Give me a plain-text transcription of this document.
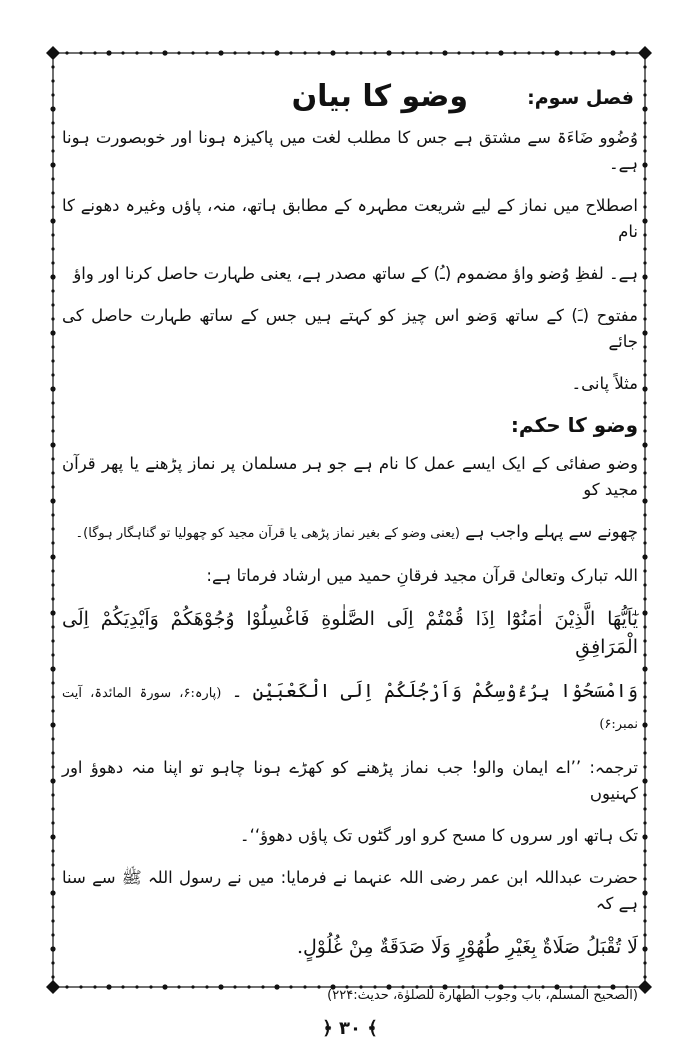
فصل سوم:
وضو کا بیان

وُضُوو ضَاءَۃ سے مشتق ہے جس کا مطلب لغت میں پاکیزہ ہونا اور خوبصورت ہونا ہے۔

اصطلاح میں نماز کے لیے شریعت مطہرہ کے مطابق ہاتھ، منہ، پاؤں وغیرہ دھونے کا نام

ہے۔ لفظِ وُضو واؤ مضموم (ـُ) کے ساتھ مصدر ہے، یعنی طہارت حاصل کرنا اور واؤ

مفتوح (ـَ) کے ساتھ وَضو اس چیز کو کہتے ہیں جس کے ساتھ طہارت حاصل کی جائے

مثلاً پانی۔

وضو کا حکم:

وضو صفائی کے ایک ایسے عمل کا نام ہے جو ہر مسلمان پر نماز پڑھنے یا پھر قرآن مجید کو

چھونے سے پہلے واجب ہے (یعنی وضو کے بغیر نماز پڑھی یا قرآن مجید کو چھولیا تو گناہگار ہوگا)۔

اللہ تبارک وتعالیٰ قرآن مجید فرقانِ حمید میں ارشاد فرماتا ہے:

يٰٓاَيُّهَا الَّذِيْنَ اٰمَنُوْٓا اِذَا قُمْتُمْ اِلَى الصَّلٰوةِ فَاغْسِلُوْا وُجُوْهَكُمْ وَاَيْدِيَكُمْ اِلَى الْمَرَافِقِ

وَامْسَحُوْا بِرُءُوْسِكُمْ وَاَرْجُلَكُمْ اِلَى الْكَعْبَيْنِ ۔ (پارہ:۶، سورۃ المائدۃ، آیت نمبر:۶)

ترجمہ: ’’اے ایمان والو! جب نماز پڑھنے کو کھڑے ہونا چاہو تو اپنا منہ دھوؤ اور کہنیوں

تک ہاتھ اور سروں کا مسح کرو اور گٹوں تک پاؤں دھوؤ‘‘۔

حضرت عبداللہ ابن عمر رضی اللہ عنہما نے فرمایا: میں نے رسول اللہ ﷺ سے سنا ہے کہ

لَا تُقْبَلُ صَلَاةٌ بِغَيْرِ طُهُوْرٍ وَلَا صَدَقَةٌ مِنْ غُلُوْلٍ.

(الصحیح المسلم، باب وجوب الطهارة للصلوٰة، حدیث:۲۲۴)

﴿ ۳۰ ﴾
